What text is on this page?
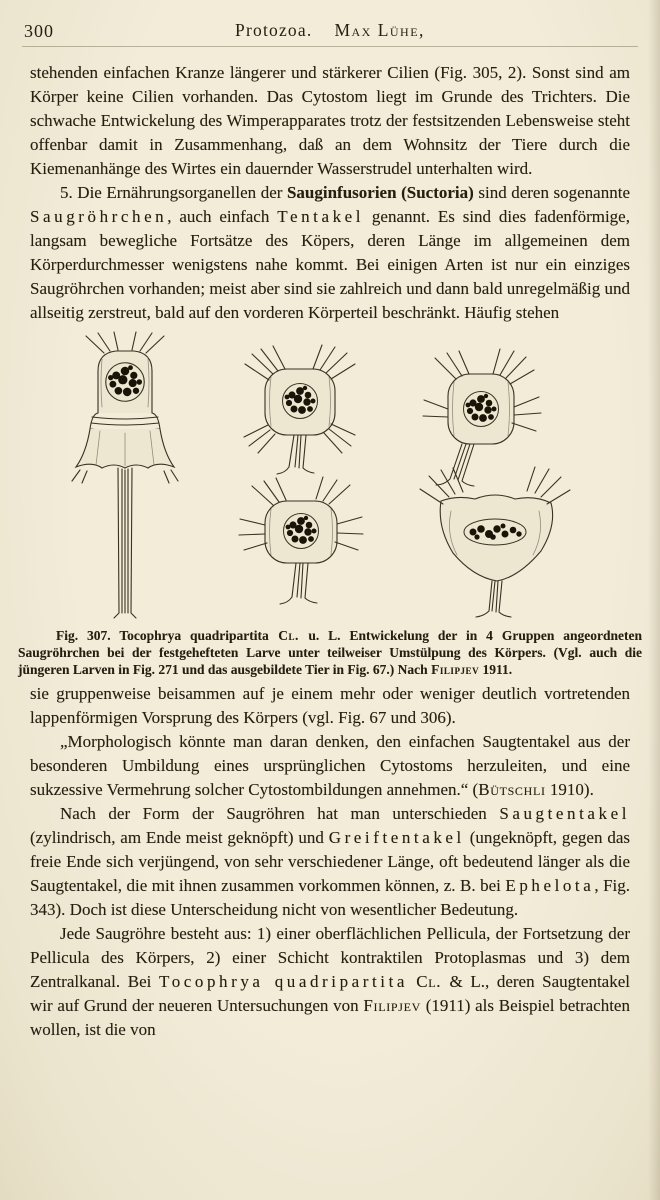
300	Protozoa. Max Lühe,

stehenden einfachen Kranze längerer und stärkerer Cilien (Fig. 305, 2). Sonst sind am Körper keine Cilien vorhanden. Das Cytostom liegt im Grunde des Trichters. Die schwache Entwickelung des Wimperapparates trotz der festsitzenden Lebensweise steht offenbar damit in Zusammenhang, daß an dem Wohnsitz der Tiere durch die Kiemenanhänge des Wirtes ein dauernder Wasserstrudel unterhalten wird.

5. Die Ernährungsorganellen der Sauginfusorien (Suctoria) sind deren sogenannte Saugröhrchen, auch einfach Tentakel genannt. Es sind dies fadenförmige, langsam bewegliche Fortsätze des Köpers, deren Länge im allgemeinen dem Körperdurchmesser wenigstens nahe kommt. Bei einigen Arten ist nur ein einziges Saugröhrchen vorhanden; meist aber sind sie zahlreich und dann bald unregelmäßig und allseitig zerstreut, bald auf den vorderen Körperteil beschränkt. Häufig stehen

Fig. 307. Tocophrya quadripartita Cl. u. L. Entwickelung der in 4 Gruppen angeordneten Saugröhrchen bei der festgehefteten Larve unter teilweiser Umstülpung des Körpers. (Vgl. auch die jüngeren Larven in Fig. 271 und das ausgebildete Tier in Fig. 67.) Nach Filipjev 1911.

sie gruppenweise beisammen auf je einem mehr oder weniger deutlich vortretenden lappenförmigen Vorsprung des Körpers (vgl. Fig. 67 und 306).

„Morphologisch könnte man daran denken, den einfachen Saugtentakel aus der besonderen Umbildung eines ursprünglichen Cytostoms herzuleiten, und eine sukzessive Vermehrung solcher Cytostombildungen annehmen.“ (Bütschli 1910).

Nach der Form der Saugröhren hat man unterschieden Saugtentakel (zylindrisch, am Ende meist geknöpft) und Greiftentakel (ungeknöpft, gegen das freie Ende sich verjüngend, von sehr verschiedener Länge, oft bedeutend länger als die Saugtentakel, die mit ihnen zusammen vorkommen können, z. B. bei Ephelota, Fig. 343). Doch ist diese Unterscheidung nicht von wesentlicher Bedeutung.

Jede Saugröhre besteht aus: 1) einer oberflächlichen Pellicula, der Fortsetzung der Pellicula des Körpers, 2) einer Schicht kontraktilen Protoplasmas und 3) dem Zentralkanal. Bei Tocophrya quadripartita Cl. & L., deren Saugtentakel wir auf Grund der neueren Untersuchungen von Filipjev (1911) als Beispiel betrachten wollen, ist die von
